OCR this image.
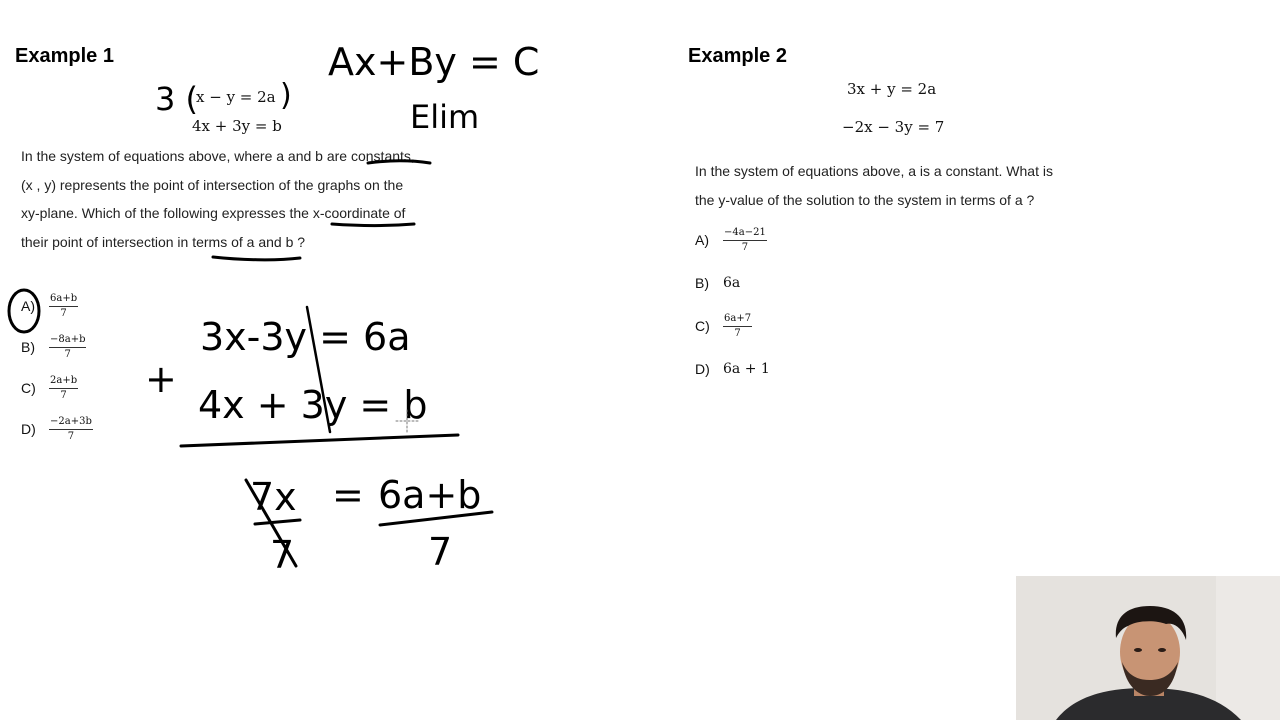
Example 1
x − y = 2a
4x + 3y = b
In the system of equations above, where a and b are constants,
(x , y) represents the point of intersection of the graphs on the
xy-plane. Which of the following expresses the x-coordinate of
their point of intersection in terms of a and b ?
A)	$\frac{6a+b}{7}$
B)	$\frac{-8a+b}{7}$
C)	$\frac{2a+b}{7}$
D)	$\frac{-2a+3b}{7}$
Example 2
3x + y = 2a
−2x − 3y = 7
In the system of equations above, a is a constant. What is
the y-value of the solution to the system in terms of a ?
A)	$\frac{-4a-21}{7}$
B)	6a
C)	$\frac{6a+7}{7}$
D) 6a + 1
Ax+By = C
Elim
3 (	)
3x-3y = 6a
+
4x + 3y = b
7x = 6a+b
7
7
